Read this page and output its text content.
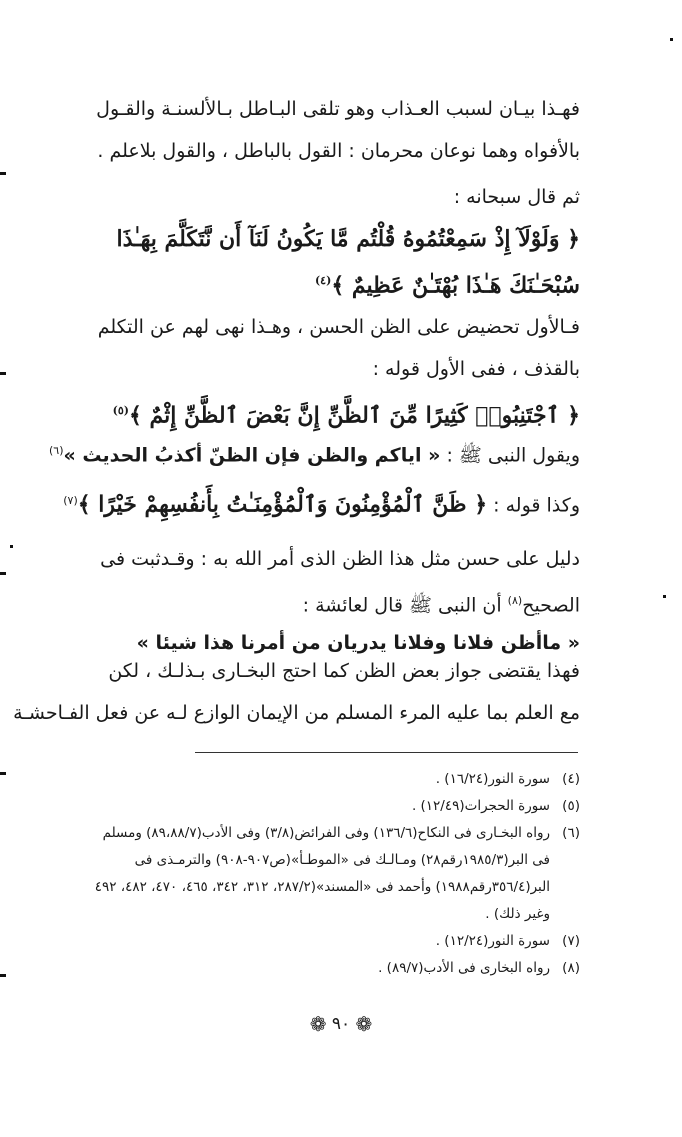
فهـذا بيـان لسبب العـذاب وهو تلقى البـاطل بـالألسنـة والقـول
بالأفواه وهما نوعان محرمان : القول بالباطل ، والقول بلاعلم .
ثم قال سبحانه :
﴿ وَلَوْلَآ إِذْ سَمِعْتُمُوهُ قُلْتُم مَّا يَكُونُ لَنَآ أَن نَّتَكَلَّمَ بِهَـٰذَا
سُبْحَـٰنَكَ هَـٰذَا بُهْتَـٰنٌ عَظِيمٌ ﴾$^{(٤)}$
فـالأول تحضيض على الظن الحسن ، وهـذا نهى لهم عن التكلم
بالقذف ، ففى الأول قوله :
﴿ ٱجْتَنِبُوا۟ كَثِيرًا مِّنَ ٱلظَّنِّ إِنَّ بَعْضَ ٱلظَّنِّ إِثْمٌ ﴾$^{(٥)}$
ويقول النبى ﷺ : « اياكم والظن فإن الظنّ أكذبُ الحديث »$^{(٦)}$
وكذا قوله : ﴿ ظَنَّ ٱلْمُؤْمِنُونَ وَٱلْمُؤْمِنَـٰتُ بِأَنفُسِهِمْ خَيْرًا ﴾$^{(٧)}$
دليل على حسن مثل هذا الظن الذى أمر الله به : وقـدثبت فى
الصحيح$^{(٨)}$ أن النبى ﷺ قال لعائشة :
« ماأظن فلانا وفلانا يدريان من أمرنا هذا شيئا »
فهذا يقتضى جواز بعض الظن كما احتج البخـارى بـذلـك ، لكن
مع العلم بما عليه المرء المسلم من الإيمان الوازع لـه عن فعل الفـاحشـة
(٤)
سورة النور(١٦/٢٤) .
(٥)
سورة الحجرات(١٢/٤٩) .
(٦)
رواه البخـارى فى النكاح(١٣٦/٦) وفى الفرائض(٣/٨) وفى الأدب(٨٩،٨٨/٧) ومسلم
فى البر(١٩٨٥/٣رقم٢٨) ومـالـك فى «الموطـأ»(ص٩٠٧-٩٠٨) والترمـذى فى
البر(٣٥٦/٤رقم١٩٨٨) وأحمد فى «المسند»(٢٨٧/٢، ٣١٢، ٣٤٢، ٤٦٥، ٤٧٠، ٤٨٢، ٤٩٢
وغير ذلك) .
(٧)
سورة النور(١٢/٢٤) .
(٨)
رواه البخارى فى الأدب(٨٩/٧) .
❁ ٩٠ ❁
